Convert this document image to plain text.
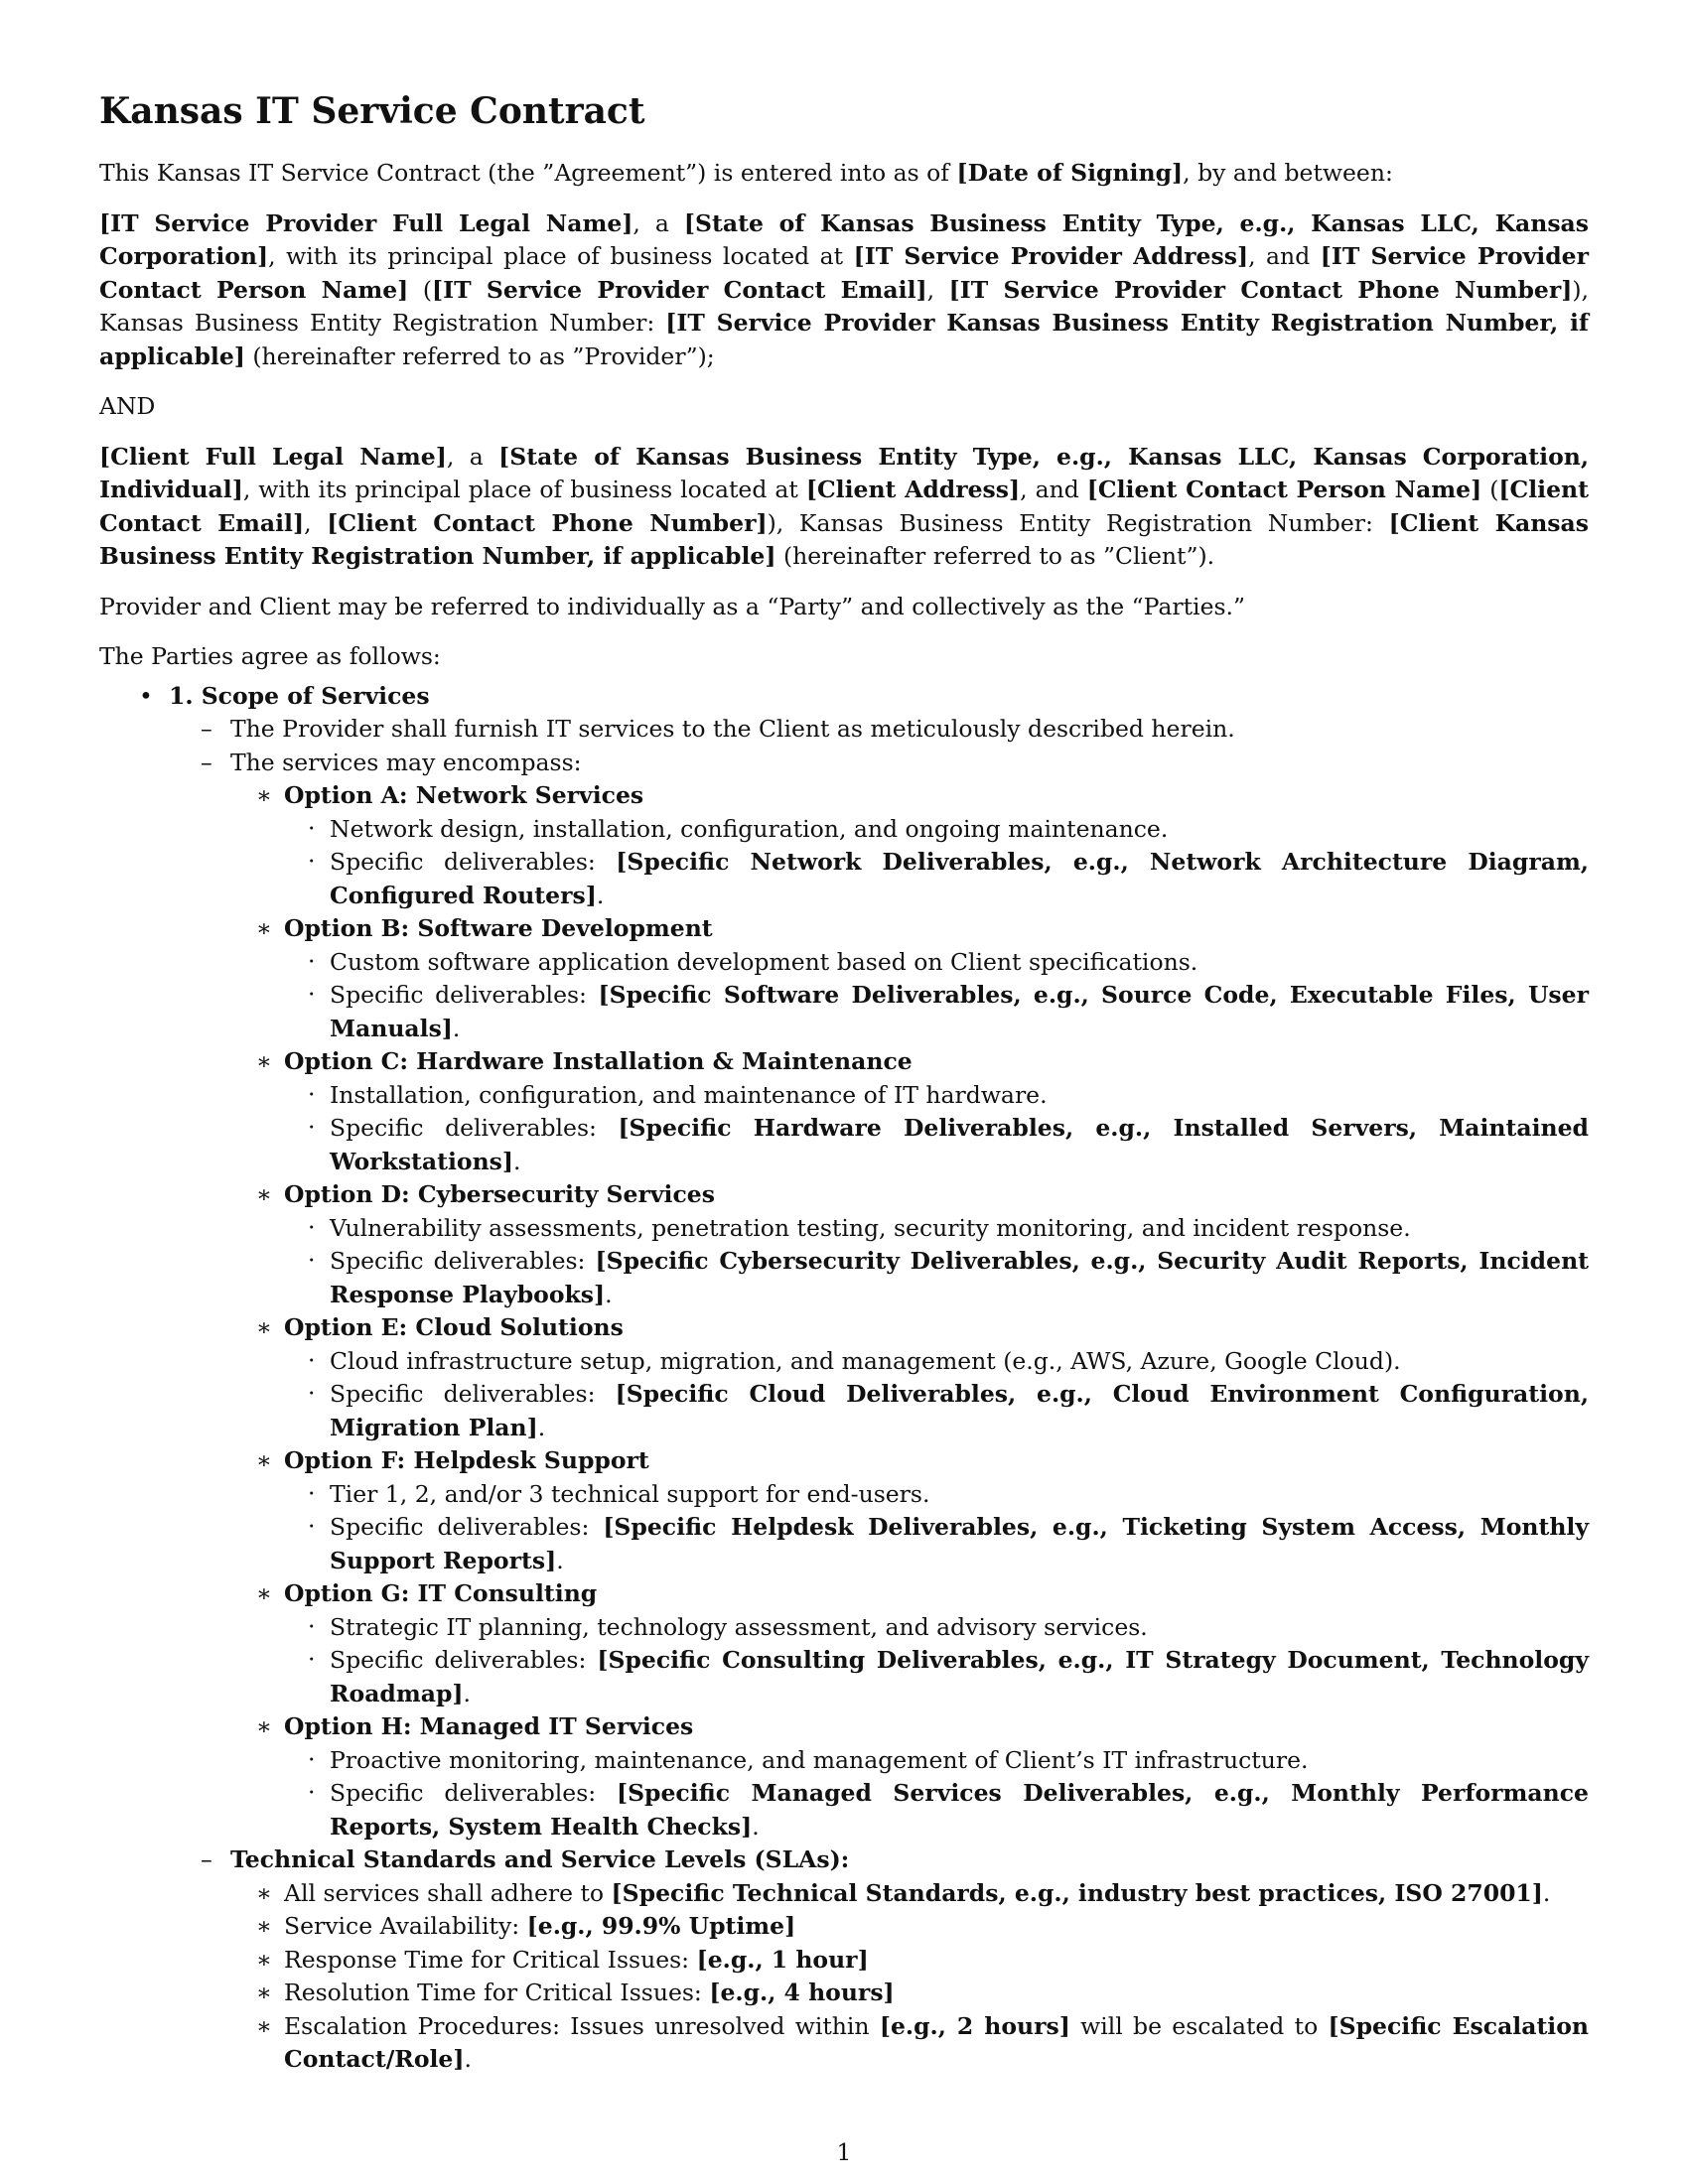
Kansas IT Service Contract

This Kansas IT Service Contract (the ”Agreement”) is entered into as of [Date of Signing], by and between:

[IT Service Provider Full Legal Name], a [State of Kansas Business Entity Type, e.g., Kansas LLC, Kansas Corporation], with its principal place of business located at [IT Service Provider Address], and [IT Service Provider Contact Person Name] ([IT Service Provider Contact Email], [IT Service Provider Contact Phone Number]), Kansas Business Entity Registration Number: [IT Service Provider Kansas Business Entity Registration Number, if applicable] (hereinafter referred to as ”Provider”);

AND

[Client Full Legal Name], a [State of Kansas Business Entity Type, e.g., Kansas LLC, Kansas Corporation, Individual], with its principal place of business located at [Client Address], and [Client Contact Person Name] ([Client Contact Email], [Client Contact Phone Number]), Kansas Business Entity Registration Number: [Client Kansas Business Entity Registration Number, if applicable] (hereinafter referred to as ”Client”).

Provider and Client may be referred to individually as a “Party” and collectively as the “Parties.”

The Parties agree as follows:

• 1. Scope of Services
– The Provider shall furnish IT services to the Client as meticulously described herein.
– The services may encompass:
∗ Option A: Network Services
· Network design, installation, configuration, and ongoing maintenance.
· Specific deliverables: [Specific Network Deliverables, e.g., Network Architecture Diagram, Configured Routers].
∗ Option B: Software Development
· Custom software application development based on Client specifications.
· Specific deliverables: [Specific Software Deliverables, e.g., Source Code, Executable Files, User Manuals].
∗ Option C: Hardware Installation & Maintenance
· Installation, configuration, and maintenance of IT hardware.
· Specific deliverables: [Specific Hardware Deliverables, e.g., Installed Servers, Maintained Workstations].
∗ Option D: Cybersecurity Services
· Vulnerability assessments, penetration testing, security monitoring, and incident response.
· Specific deliverables: [Specific Cybersecurity Deliverables, e.g., Security Audit Reports, Incident Response Playbooks].
∗ Option E: Cloud Solutions
· Cloud infrastructure setup, migration, and management (e.g., AWS, Azure, Google Cloud).
· Specific deliverables: [Specific Cloud Deliverables, e.g., Cloud Environment Configuration, Migration Plan].
∗ Option F: Helpdesk Support
· Tier 1, 2, and/or 3 technical support for end-users.
· Specific deliverables: [Specific Helpdesk Deliverables, e.g., Ticketing System Access, Monthly Support Reports].
∗ Option G: IT Consulting
· Strategic IT planning, technology assessment, and advisory services.
· Specific deliverables: [Specific Consulting Deliverables, e.g., IT Strategy Document, Technology Roadmap].
∗ Option H: Managed IT Services
· Proactive monitoring, maintenance, and management of Client’s IT infrastructure.
· Specific deliverables: [Specific Managed Services Deliverables, e.g., Monthly Performance Reports, System Health Checks].
– Technical Standards and Service Levels (SLAs):
∗ All services shall adhere to [Specific Technical Standards, e.g., industry best practices, ISO 27001].
∗ Service Availability: [e.g., 99.9% Uptime]
∗ Response Time for Critical Issues: [e.g., 1 hour]
∗ Resolution Time for Critical Issues: [e.g., 4 hours]
∗ Escalation Procedures: Issues unresolved within [e.g., 2 hours] will be escalated to [Specific Escalation Contact/Role].
1
